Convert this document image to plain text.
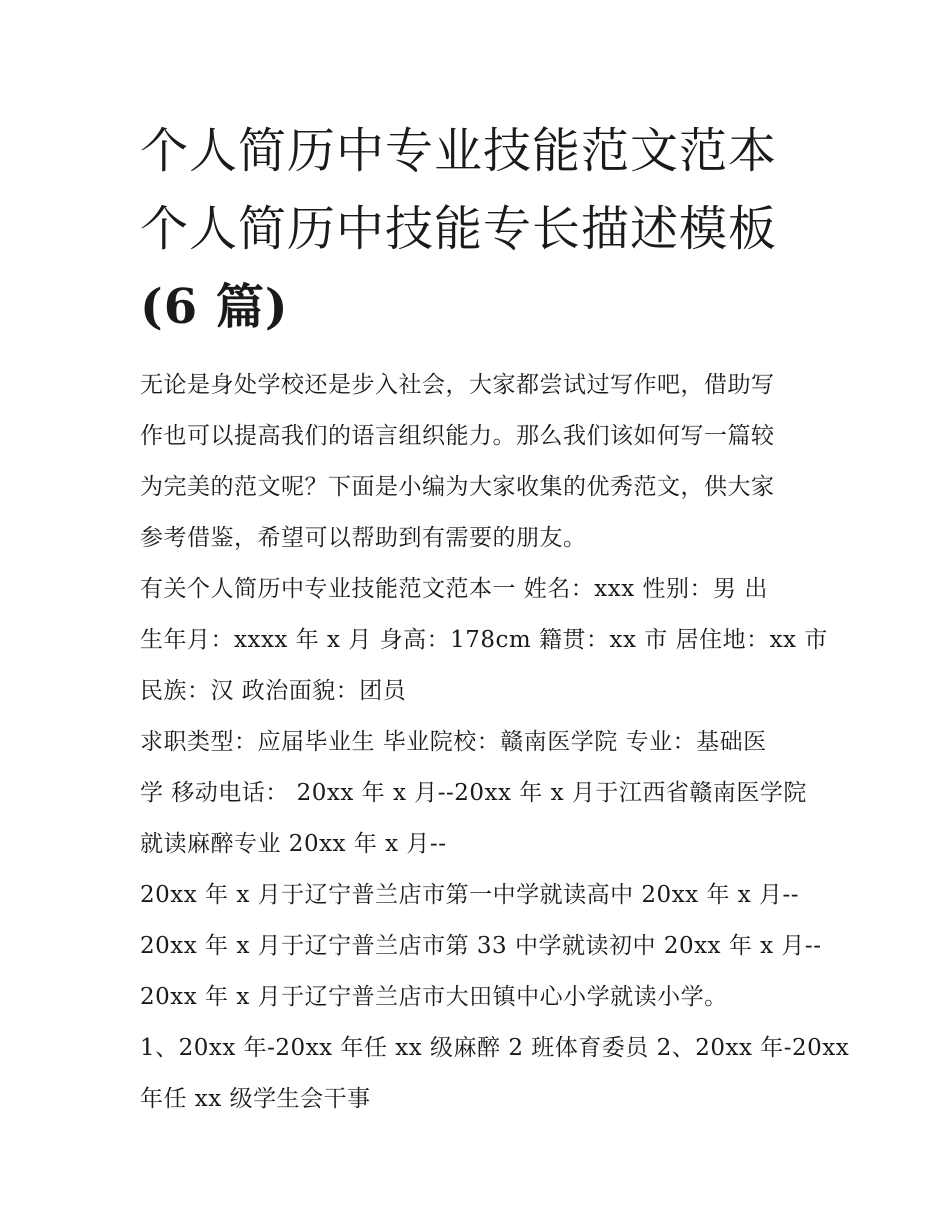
个人简历中专业技能范文范本
个人简历中技能专长描述模板
(6 篇)

无论是身处学校还是步入社会，大家都尝试过写作吧，借助写
作也可以提高我们的语言组织能力。那么我们该如何写一篇较
为完美的范文呢？下面是小编为大家收集的优秀范文，供大家
参考借鉴，希望可以帮助到有需要的朋友。

有关个人简历中专业技能范文范本一 姓名：xxx 性别：男 出
生年月：xxxx 年 x 月 身高：178cm 籍贯：xx 市 居住地：xx 市
民族：汉 政治面貌：团员

求职类型：应届毕业生 毕业院校：赣南医学院 专业：基础医
学 移动电话： 20xx 年 x 月--20xx 年 x 月于江西省赣南医学院
就读麻醉专业 20xx 年 x 月--

20xx 年 x 月于辽宁普兰店市第一中学就读高中 20xx 年 x 月--
20xx 年 x 月于辽宁普兰店市第 33 中学就读初中 20xx 年 x 月--
20xx 年 x 月于辽宁普兰店市大田镇中心小学就读小学。

1、20xx 年-20xx 年任 xx 级麻醉 2 班体育委员 2、20xx 年-20xx
年任 xx 级学生会干事
